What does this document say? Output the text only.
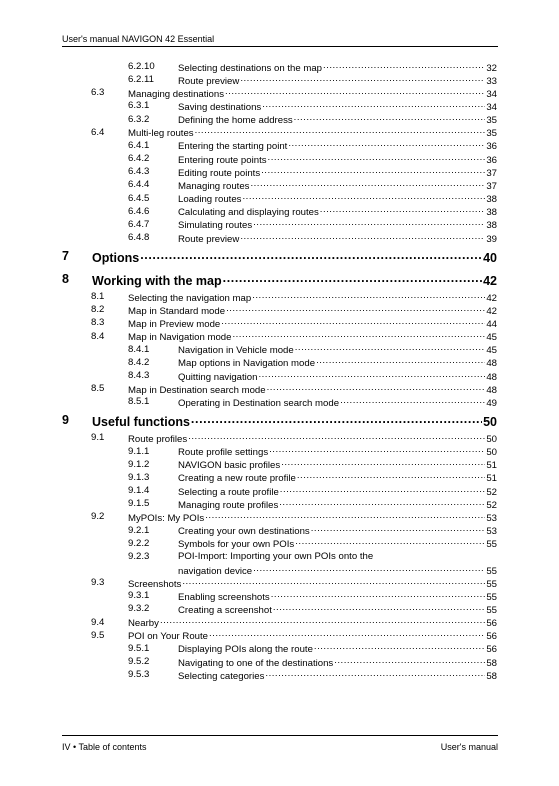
User's manual NAVIGON 42 Essential
6.2.10 Selecting destinations on the map .....	32
6.2.11	Route preview .....	33
6.3 Managing destinations .....	34
6.3.1	Saving destinations .....	34
6.3.2	Defining the home address .....	35
6.4 Multi-leg routes .....	35
6.4.1	Entering the starting point .....	36
6.4.2	Entering route points .....	36
6.4.3	Editing route points .....	37
6.4.4	Managing routes .....	37
6.4.5	Loading routes .....	38
6.4.6	Calculating and displaying routes .....	38
6.4.7	Simulating routes .....	38
6.4.8	Route preview .....	39
7 Options .....	40
8 Working with the map .....	42
8.1 Selecting the navigation map .....	42
8.2 Map in Standard mode .....	42
8.3 Map in Preview mode .....	44
8.4 Map in Navigation mode .....	45
8.4.1	Navigation in Vehicle mode .....	45
8.4.2	Map options in Navigation mode .....	48
8.4.3	Quitting navigation .....	48
8.5 Map in Destination search mode .....	48
8.5.1	Operating in Destination search mode .....	49
9 Useful functions .....	50
9.1 Route profiles .....	50
9.1.1	Route profile settings .....	50
9.1.2	NAVIGON basic profiles .....	51
9.1.3	Creating a new route profile .....	51
9.1.4	Selecting a route profile .....	52
9.1.5	Managing route profiles .....	52
9.2 MyPOIs: My POIs .....	53
9.2.1	Creating your own destinations .....	53
9.2.2	Symbols for your own POIs .....	55
9.2.3	POI-Import: Importing your own POIs onto the
navigation device .....	55
9.3 Screenshots .....	55
9.3.1	Enabling screenshots .....	55
9.3.2	Creating a screenshot .....	55
9.4 Nearby .....	56
9.5 POI on Your Route .....	56
9.5.1	Displaying POIs along the route .....	56
9.5.2	Navigating to one of the destinations .....	58
9.5.3	Selecting categories .....	58
IV • Table of contents	User's manual
